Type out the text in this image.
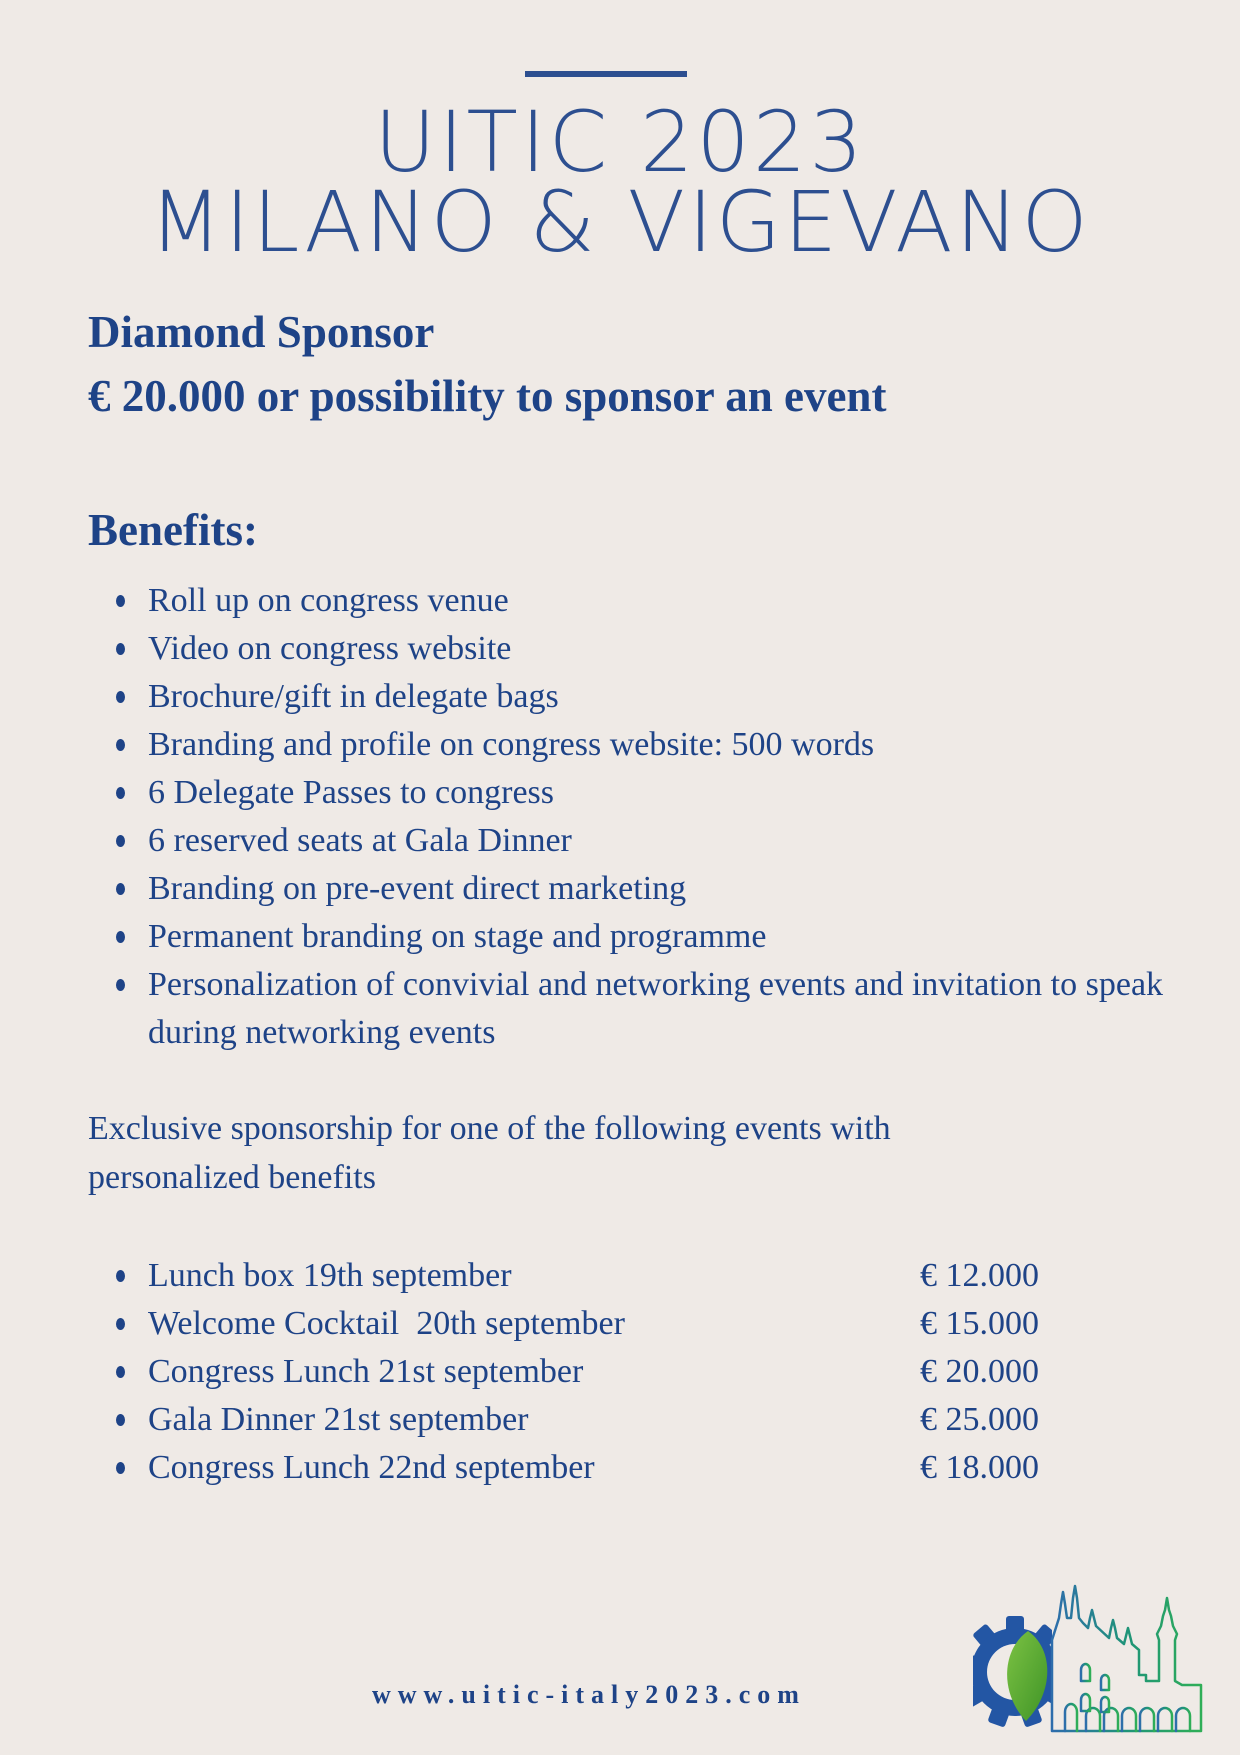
UITIC 2023
MILANO & VIGEVANO
Diamond Sponsor
€ 20.000 or possibility to sponsor an event
Benefits:
Roll up on congress venue
Video on congress website
Brochure/gift in delegate bags
Branding and profile on congress website: 500 words
6 Delegate Passes to congress
6 reserved seats at Gala Dinner
Branding on pre-event direct marketing
Permanent branding on stage and programme
Personalization of convivial and networking events and invitation to speak during networking events

Exclusive sponsorship for one of the following events with personalized benefits

Lunch box 19th september	€ 12.000
Welcome Cocktail  20th september	€ 15.000
Congress Lunch 21st september	€ 20.000
Gala Dinner 21st september	€ 25.000
Congress Lunch 22nd september	€ 18.000
www.uitic-italy2023.com
